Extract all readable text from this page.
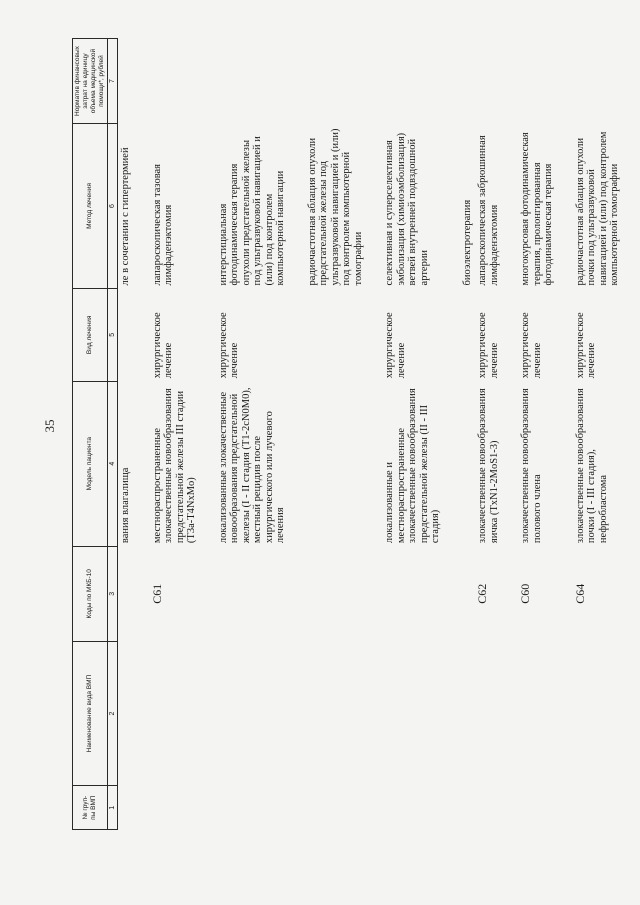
35
№ груп-
пы ВМП	Наименование вида ВМП	Коды по МКБ-10	Модель пациента	Вид лечения	Метод лечения	Норматив финансовых затрат на единицу объема медицинской помощи*, рублей
1	2	3	4	5	6	7
			вания влагалища		ле в сочетании с гипертермией	

		C61	местнораспространенные злокачественные новообразования предстательной железы III стадии (T3a-T4NxMo)	хирургическое лечение	лапароскопическая тазовая лимфаденэктомия	

			локализованные злокачественные новообразования предстательной железы (I - II стадия (T1-2cN0M0), местный рецидив после хирургического или лучевого лечения	хирургическое лечение	интерстициальная фотодинамическая терапия опухоли предстательной железы под ультразвуковой навигацией и (или) под контролем компьютерной навигации	

					радиочастотная аблация опухоли предстательной железы под ультразвуковой навигацией и (или) под контролем компьютерной томографии	

			локализованные и местнораспространенные злокачественные новообразования предстательной железы (II - III стадия)	хирургическое лечение	селективная и суперселективная эмболизация (химиоэмболизация) ветвей внутренней подвздошной артерии	

					биоэлектротерапия	
		C62	злокачественные новообразования яичка (TxN1-2MoS1-3)	хирургическое лечение	лапароскопическая забрюшинная лимфаденэктомия	

		C60	злокачественные новообразования полового члена	хирургическое лечение	многокурсовая фотодинамическая терапия, пролонгированная фотодинамическая терапия	

		C64	злокачественные новообразования почки (I - III стадия), нефробластома	хирургическое лечение	радиочастотная аблация опухоли почки под ультразвуковой навигацией и (или) под контролем компьютерной томографии	
